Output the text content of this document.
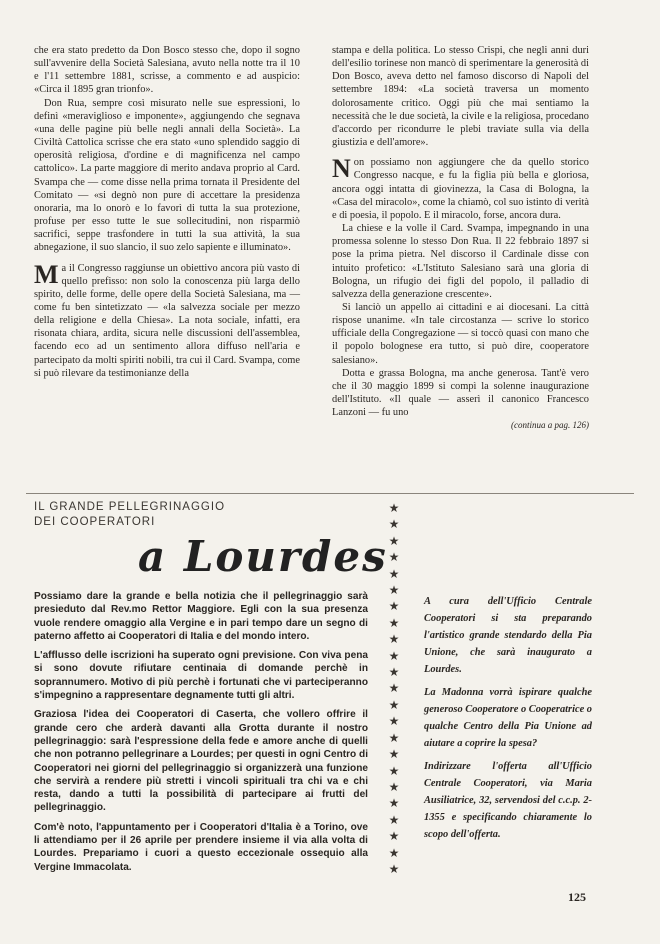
che era stato predetto da Don Bosco stesso che, dopo il sogno sull'avvenire della Società Salesiana, avuto nella notte tra il 10 e l'11 settembre 1881, scrisse, a commento e ad auspicio: «Circa il 1895 gran trionfo».

Don Rua, sempre così misurato nelle sue espressioni, lo definì «meraviglioso e imponente», aggiungendo che segnava «una delle pagine più belle negli annali della Società». La Civiltà Cattolica scrisse che era stato «uno splendido saggio di operosità religiosa, d'ordine e di magnificenza nel campo cattolico». La parte maggiore di merito andava proprio al Card. Svampa che — come disse nella prima tornata il Presidente del Comitato — «si degnò non pure di accettare la presidenza onoraria, ma lo onorò e lo favorì di tutta la sua protezione, profuse per esso tutte le sue sollecitudini, non risparmiò sacrifici, seppe trasfondere in tutti la sua attività, la sua abnegazione, il suo slancio, il suo zelo sapiente e illuminato».

Ma il Congresso raggiunse un obiettivo ancora più vasto di quello prefisso: non solo la conoscenza più larga dello spirito, delle forme, delle opere della Società Salesiana, ma — come fu ben sintetizzato — «la salvezza sociale per mezzo della religione e della Chiesa». La nota sociale, infatti, era risonata chiara, ardita, sicura nelle discussioni dell'assemblea, facendo eco ad un sentimento allora diffuso nell'aria e partecipato da molti spiriti nobili, tra cui il Card. Svampa, come si può rilevare da testimonianze della

stampa e della politica. Lo stesso Crispi, che negli anni duri dell'esilio torinese non mancò di sperimentare la generosità di Don Bosco, aveva detto nel famoso discorso di Napoli del settembre 1894: «La società traversa un momento dolorosamente critico. Oggi più che mai sentiamo la necessità che le due società, la civile e la religiosa, procedano d'accordo per ricondurre le plebi traviate sulla via della giustizia e dell'amore».

Non possiamo non aggiungere che da quello storico Congresso nacque, e fu la figlia più bella e gloriosa, ancora oggi intatta di giovinezza, la Casa di Bologna, la «Casa del miracolo», come la chiamò, col suo istinto di verità e di poesia, il popolo. E il miracolo, forse, ancora dura.

La chiese e la volle il Card. Svampa, impegnando in una promessa solenne lo stesso Don Rua. Il 22 febbraio 1897 si pose la prima pietra. Nel discorso il Cardinale disse con intuito profetico: «L'Istituto Salesiano sarà una gloria di Bologna, un rifugio dei figli del popolo, il palladio di salvezza della generazione crescente».

Si lanciò un appello ai cittadini e ai diocesani. La città rispose unanime. «In tale circostanza — scrive lo storico ufficiale della Congregazione — si toccò quasi con mano che il popolo bolognese era tutto, si può dire, cooperatore salesiano».

Dotta e grassa Bologna, ma anche generosa. Tant'è vero che il 30 maggio 1899 si compì la solenne inaugurazione dell'Istituto. «Il quale — asserì il canonico Francesco Lanzoni — fu uno

(continua a pag. 126)
IL GRANDE PELLEGRINAGGIO
DEI COOPERATORI
a Lourdes

Possiamo dare la grande e bella notizia che il pellegrinaggio sarà presieduto dal Rev.mo Rettor Maggiore. Egli con la sua presenza vuole rendere omaggio alla Vergine e in pari tempo dare un segno di paterno affetto ai Cooperatori di Italia e del mondo intero.

L'afflusso delle iscrizioni ha superato ogni previsione. Con viva pena si sono dovute rifiutare centinaia di domande perchè in soprannumero. Motivo di più perchè i fortunati che vi parteciperanno s'impegnino a rappresentare degnamente tutti gli altri.

Graziosa l'idea dei Cooperatori di Caserta, che vollero offrire il grande cero che arderà davanti alla Grotta durante il nostro pellegrinaggio: sarà l'espressione della fede e amore anche di quelli che non potranno pellegrinare a Lourdes; per questi in ogni Centro di Cooperatori nei giorni del pellegrinaggio si organizzerà una funzione che servirà a rendere più stretti i vincoli spirituali tra chi va e chi resta, dando a tutti la possibilità di partecipare ai frutti del pellegrinaggio.

Com'è noto, l'appuntamento per i Cooperatori d'Italia è a Torino, ove li attendiamo per il 26 aprile per prendere insieme il via alla volta di Lourdes. Prepariamo i cuori a questo eccezionale ossequio alla Vergine Immacolata.

★
★
★
★
★
★
★
★
★
★
★
★
★
★
★
★
★
★
★
★
★
★
★

A cura dell'Ufficio Centrale Cooperatori si sta preparando l'artistico grande stendardo della Pia Unione, che sarà inaugurato a Lourdes.

La Madonna vorrà ispirare qualche generoso Cooperatore o Cooperatrice o qualche Centro della Pia Unione ad aiutare a coprire la spesa?

Indirizzare l'offerta all'Ufficio Centrale Cooperatori, via Maria Ausiliatrice, 32, servendosi del c.c.p. 2-1355 e specificando chiaramente lo scopo dell'offerta.

125
